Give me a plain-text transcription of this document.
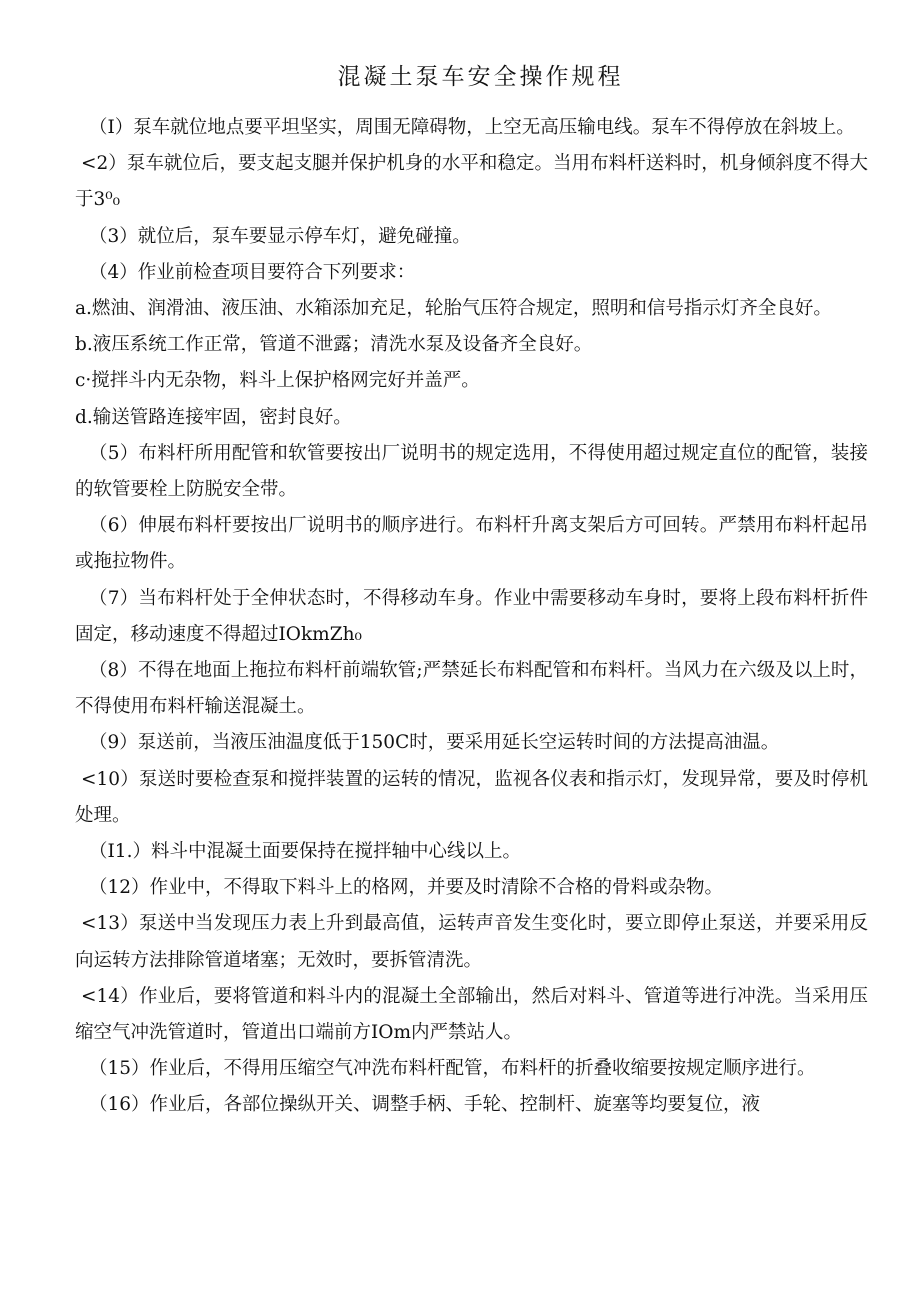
混凝土泵车安全操作规程

（I）泵车就位地点要平坦坚实，周围无障碍物，上空无高压输电线。泵车不得停放在斜坡上。

<2）泵车就位后，要支起支腿并保护机身的水平和稳定。当用布料杆送料时，机身倾斜度不得大于3⁰₀

（3）就位后，泵车要显示停车灯，避免碰撞。

（4）作业前检查项目要符合下列要求：

a.燃油、润滑油、液压油、水箱添加充足，轮胎气压符合规定，照明和信号指示灯齐全良好。

b.液压系统工作正常，管道不泄露；清洗水泵及设备齐全良好。

c·搅拌斗内无杂物，料斗上保护格网完好并盖严。

d.输送管路连接牢固，密封良好。

（5）布料杆所用配管和软管要按出厂说明书的规定选用，不得使用超过规定直位的配管，装接的软管要栓上防脱安全带。

（6）伸展布料杆要按出厂说明书的顺序进行。布料杆升离支架后方可回转。严禁用布料杆起吊或拖拉物件。

（7）当布料杆处于全伸状态时，不得移动车身。作业中需要移动车身时，要将上段布料杆折件固定，移动速度不得超过IOkmZh₀

（8）不得在地面上拖拉布料杆前端软管;严禁延长布料配管和布料杆。当风力在六级及以上时，不得使用布料杆输送混凝土。

（9）泵送前，当液压油温度低于150C时，要采用延长空运转时间的方法提高油温。

<10）泵送时要检查泵和搅拌装置的运转的情况，监视各仪表和指示灯，发现异常，要及时停机处理。

（I1.）料斗中混凝土面要保持在搅拌轴中心线以上。

（12）作业中，不得取下料斗上的格网，并要及时清除不合格的骨料或杂物。

<13）泵送中当发现压力表上升到最高值，运转声音发生变化时，要立即停止泵送，并要采用反向运转方法排除管道堵塞；无效时，要拆管清洗。

<14）作业后，要将管道和料斗内的混凝土全部输出，然后对料斗、管道等进行冲洗。当采用压缩空气冲洗管道时，管道出口端前方IOm内严禁站人。

（15）作业后，不得用压缩空气冲洗布料杆配管，布料杆的折叠收缩要按规定顺序进行。

（16）作业后，各部位操纵开关、调整手柄、手轮、控制杆、旋塞等均要复位，液
